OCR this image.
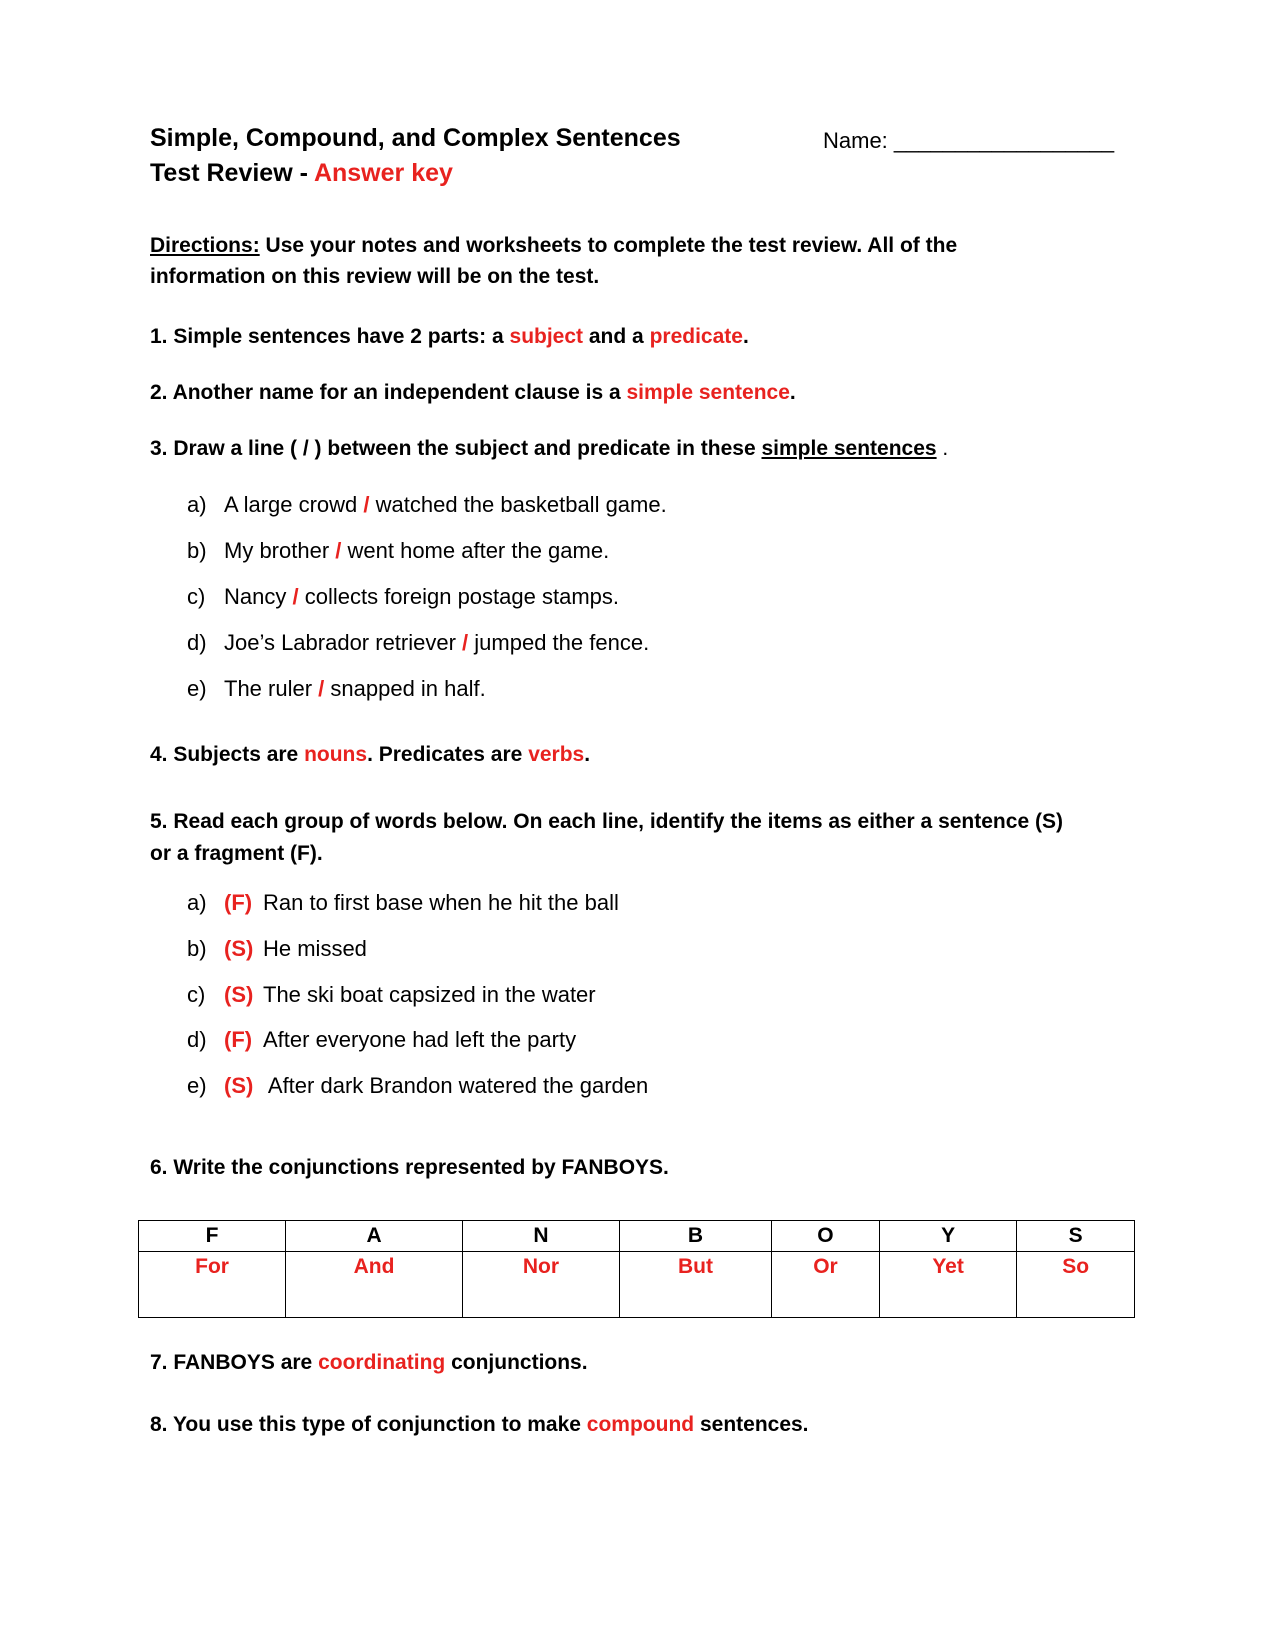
Simple, Compound, and Complex Sentences
Test Review - Answer key
Name: __________________
Directions: Use your notes and worksheets to complete the test review. All of the
information on this review will be on the test.
1. Simple sentences have 2 parts: a subject and a predicate.
2. Another name for an independent clause is a simple sentence.
3. Draw a line ( / ) between the subject and predicate in these simple sentences .
a) A large crowd / watched the basketball game.
b) My brother / went home after the game.
c) Nancy / collects foreign postage stamps.
d) Joe’s Labrador retriever / jumped the fence.
e) The ruler / snapped in half.
4. Subjects are nouns. Predicates are verbs.
5. Read each group of words below. On each line, identify the items as either a sentence (S)
or a fragment (F).
a) (F) Ran to first base when he hit the ball
b) (S) He missed
c) (S) The ski boat capsized in the water
d) (F) After everyone had left the party
e) (S) After dark Brandon watered the garden
6. Write the conjunctions represented by FANBOYS.
F	A	N	B	O	Y	S
For	And	Nor	But	Or	Yet	So
7. FANBOYS are coordinating conjunctions.
8. You use this type of conjunction to make compound sentences.
